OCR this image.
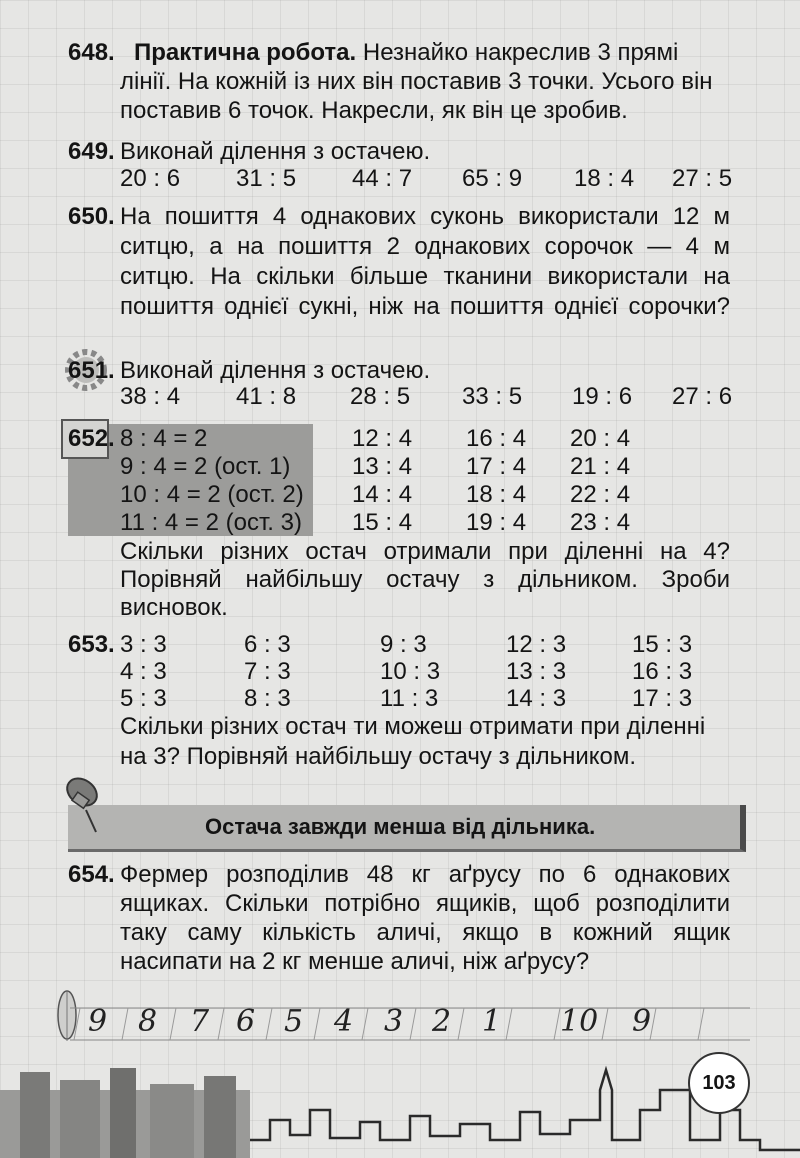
648. Практична робота. Незнайко накреслив 3 прямі
лінії. На кожній із них він поставив 3 точки. Усього він
поставив 6 точок. Накресли, як він це зробив.
649. Виконай ділення з остачею.
20 : 6 31 : 5 44 : 7 65 : 9 18 : 4 27 : 5
650. На пошиття 4 однакових суконь використали 12 м
ситцю, а на пошиття 2 однакових сорочок — 4 м
ситцю. На скільки більше тканини використали на
пошиття однієї сукні, ніж на пошиття однієї сорочки?
651. Виконай ділення з остачею.
38 : 4 41 : 8 28 : 5 33 : 5 19 : 6 27 : 6
652. 8 : 4 = 2
9 : 4 = 2 (ост. 1)
10 : 4 = 2 (ост. 2)
11 : 4 = 2 (ост. 3)
12 : 4
13 : 4
14 : 4
15 : 4
16 : 4
17 : 4
18 : 4
19 : 4
20 : 4
21 : 4
22 : 4
23 : 4
Скільки різних остач отримали при діленні на 4?
Порівняй найбільшу остачу з дільником. Зроби
висновок.
653. 3 : 3
4 : 3
5 : 3
6 : 3
7 : 3
8 : 3
9 : 3
10 : 3
11 : 3
12 : 3
13 : 3
14 : 3
15 : 3
16 : 3
17 : 3
Скільки різних остач ти можеш отримати при діленні
на 3? Порівняй найбільшу остачу з дільником.
Остача завжди менша від дільника.
654. Фермер розподілив 48 кг аґрусу по 6 однакових
ящиках. Скільки потрібно ящиків, щоб розподілити
таку саму кількість аличі, якщо в кожний ящик
насипати на 2 кг менше аличі, ніж аґрусу?
9 8 7 6 5 4 3 2 1 10 9
103
